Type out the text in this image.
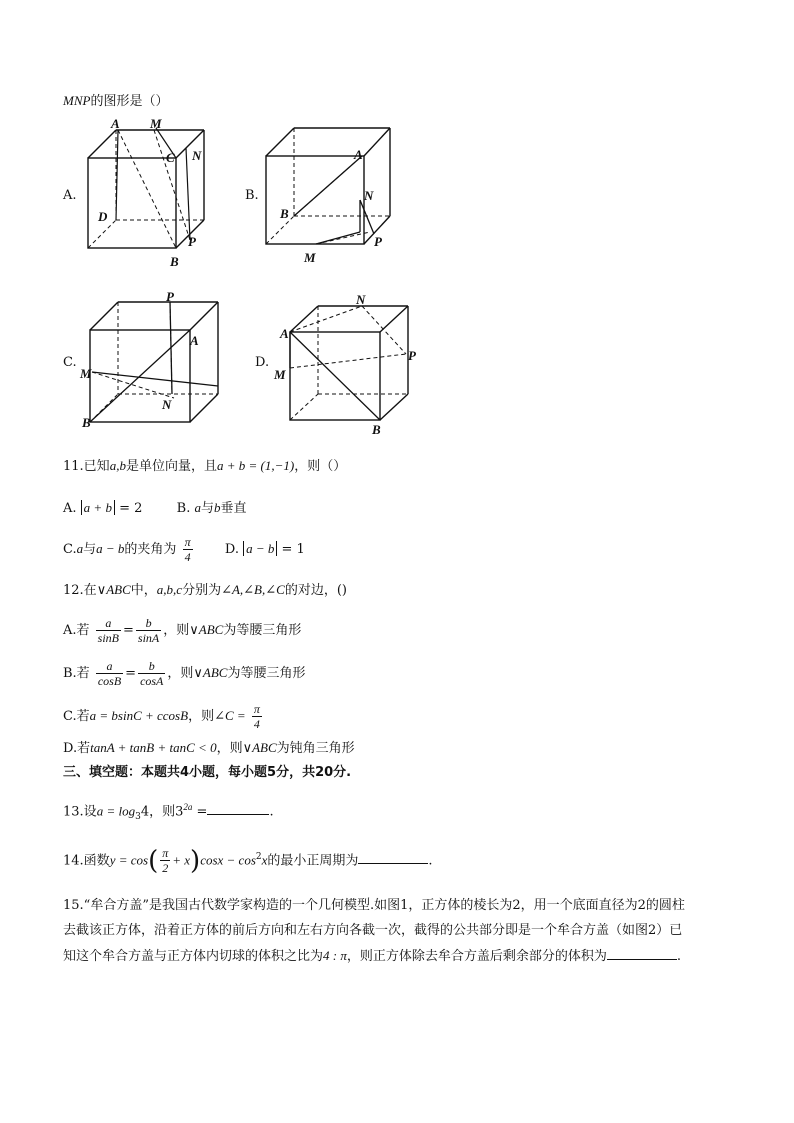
MNP的图形是（）
A.
A M
C N
D
P
B
B.
A
N
B
P
M
C.
P
A
M
N
B
D.
N
A
P
M
B
11.已知a,b是单位向量，且a + b = (1,−1)，则（）
A. a + b = 2	B. a与b垂直
C.a与a − b的夹角为 $\frac{\pi}{4} D$. a − b = 1
12.在∨ABC中，a,b,c分别为∠A,∠B,∠C的对边，()
A.若 $\frac{a}{\sin B} = \frac{b}{\sin A}$ ，则∨ABC为等腰三角形
B.若 $\frac{a}{\cos B} = \frac{b}{\cos A}$ ，则∨ABC为等腰三角形
C.若a = bsinC + ccosB，则∠C = $\frac{\pi}{4}$
D.若tanA + tanB + tanC < 0，则∨ABC为钝角三角形
三、填空题：本题共4小题，每小题5分，共20分.
13.设$a = \log_34$，则$3^{2a}$ =	.
14.函数$y = \cos( \frac{\pi}{2} + x)\cos x - \cos^2x$的最小正周期为	.
15.“牟合方盖”是我国古代数学家构造的一个几何模型.如图1，正方体的棱长为2，用一个底面直径为2的圆柱
去截该正方体，沿着正方体的前后方向和左右方向各截一次，截得的公共部分即是一个牟合方盖（如图2）已
知这个牟合方盖与正方体内切球的体积之比为4 : π，则正方体除去牟合方盖后剩余部分的体积为	.
